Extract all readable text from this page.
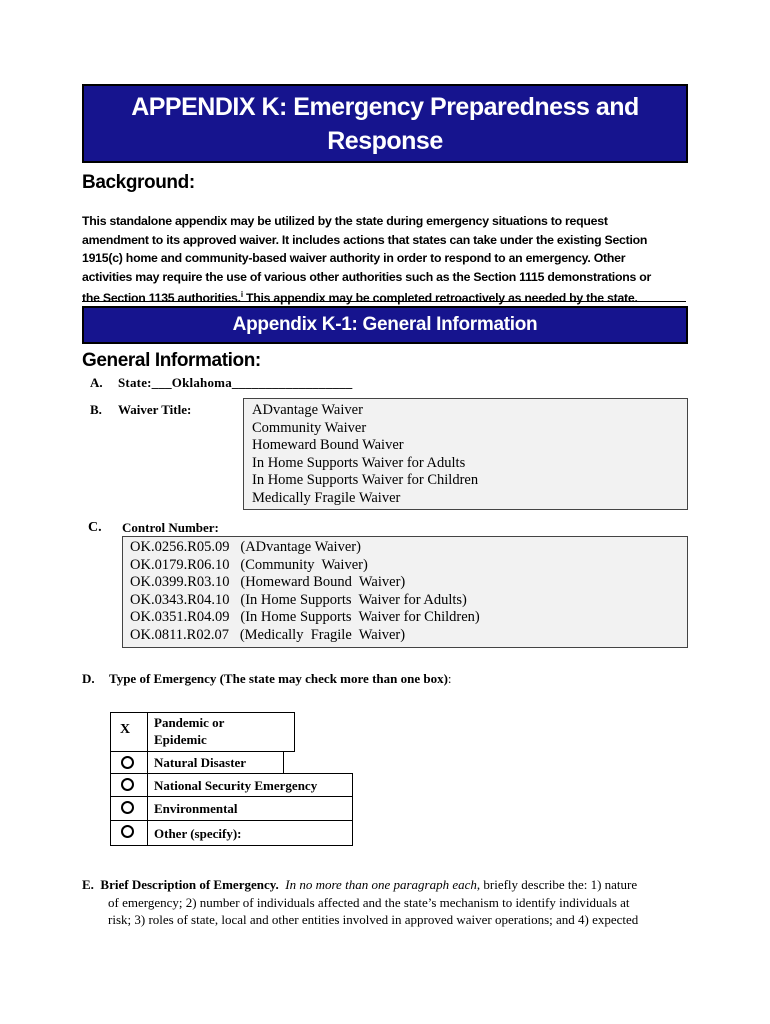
APPENDIX K: Emergency Preparedness and
Response
Background:
This standalone appendix may be utilized by the state during emergency situations to request
amendment to its approved waiver. It includes actions that states can take under the existing Section
1915(c) home and community-based waiver authority in order to respond to an emergency. Other
activities may require the use of various other authorities such as the Section 1115 demonstrations or
the Section 1135 authorities.$^i$ This appendix may be completed retroactively as needed by the state.
Appendix K-1: General Information
General Information:
A. State:___Oklahoma__________________
B. Waiver Title:	ADvantage Waiver
Community Waiver
Homeward Bound Waiver
In Home Supports Waiver for Adults
In Home Supports Waiver for Children
Medically Fragile Waiver
C. Control Number:
OK.0256.R05.09   (ADvantage Waiver)
OK.0179.R06.10   (Community  Waiver)
OK.0399.R03.10   (Homeward Bound  Waiver)
OK.0343.R04.10   (In Home Supports  Waiver for Adults)
OK.0351.R04.09   (In Home Supports  Waiver for Children)
OK.0811.R02.07   (Medically  Fragile  Waiver)
D. Type of Emergency (The state may check more than one box):
X Pandemic or
Epidemic
Natural Disaster
National Security Emergency
Environmental
Other (specify):
E. Brief Description of Emergency. In no more than one paragraph each, briefly describe the: 1) nature
of emergency; 2) number of individuals affected and the state’s mechanism to identify individuals at
risk; 3) roles of state, local and other entities involved in approved waiver operations; and 4) expected
